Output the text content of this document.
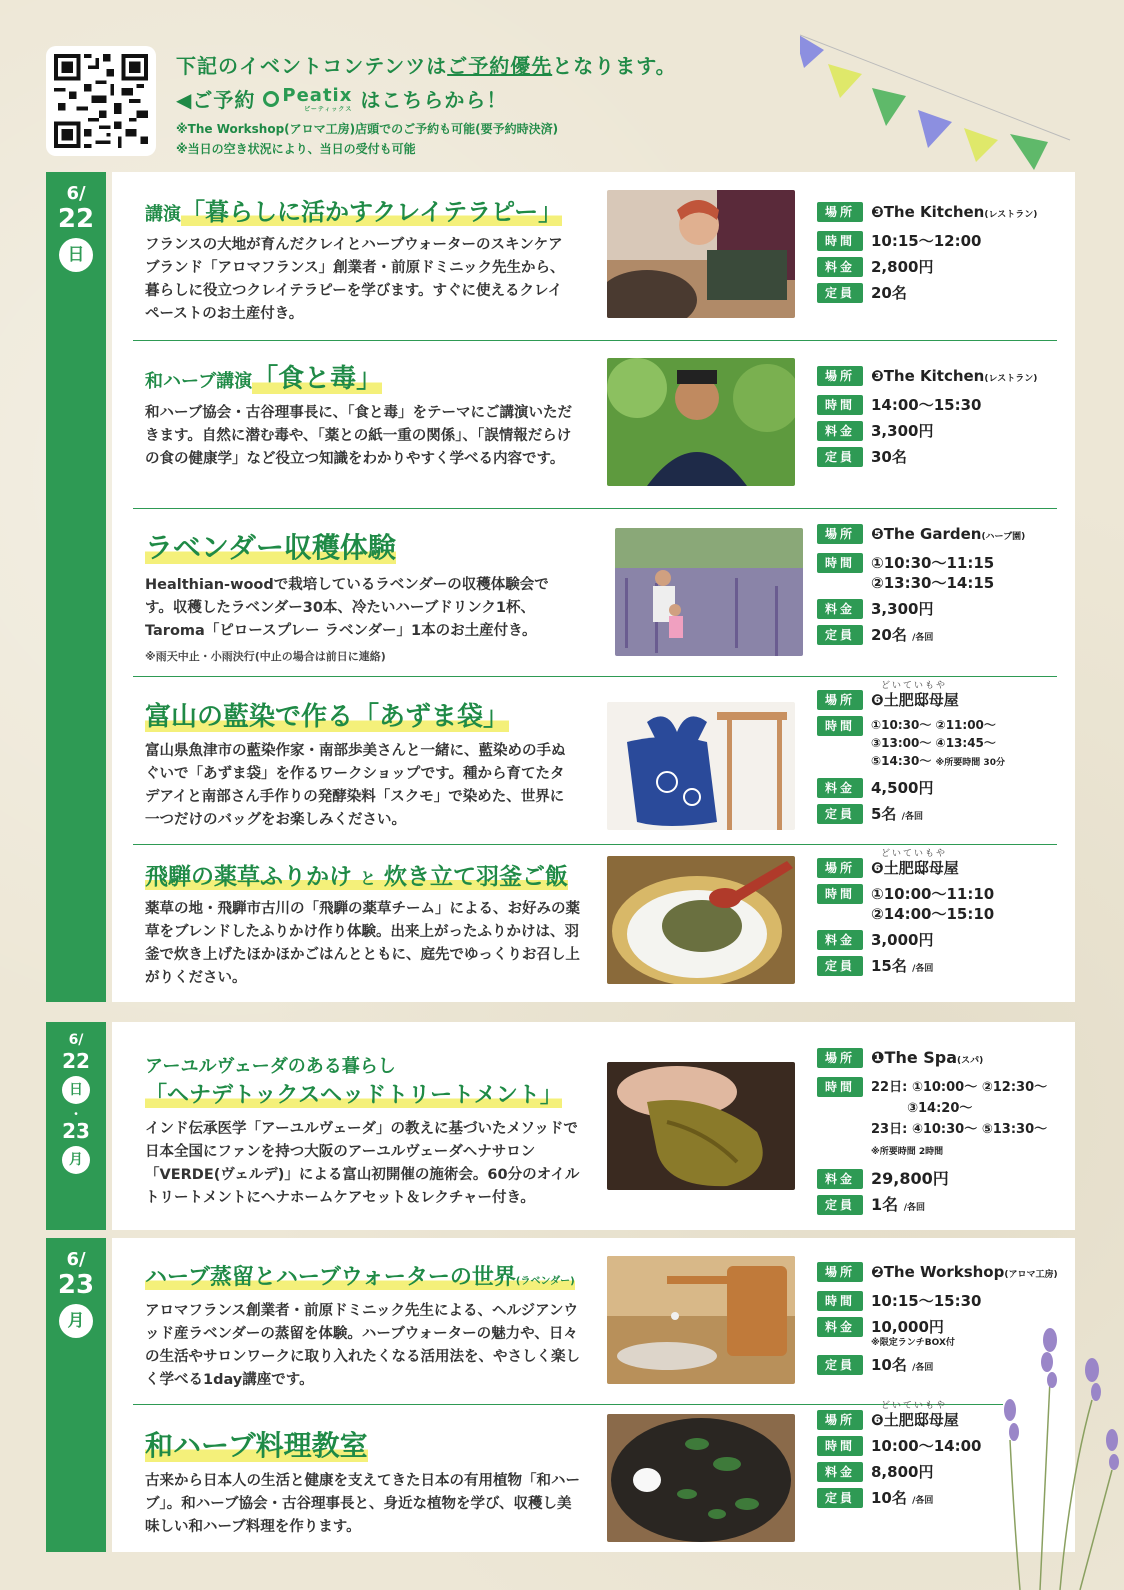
下記のイベントコンテンツはご予約優先となります。
◀ご予約 Peatix
ピーティックス はこちらから！
※The Workshop(アロマ工房)店頭でのご予約も可能(要予約時決済)
※当日の空き状況により、当日の受付も可能
6/
22
日
講演「暮らしに活かすクレイテラピー」
フランスの大地が育んだクレイとハーブウォーターのスキンケアブランド「アロマフランス」創業者・前原ドミニック先生から、暮らしに役立つクレイテラピーを学びます。すぐに使えるクレイペーストのお土産付き。
場所	❸The Kitchen(レストラン)
時間	10:15〜12:00
料金	2,800円
定員	20名
和ハーブ講演「食と毒」
和ハーブ協会・古谷理事長に、「食と毒」をテーマにご講演いただきます。自然に潜む毒や、「薬との紙一重の関係」、「誤情報だらけの食の健康学」など役立つ知識をわかりやすく学べる内容です。
場所	❸The Kitchen(レストラン)
時間	14:00〜15:30
料金	3,300円
定員	30名
ラベンダー収穫体験
Healthian-woodで栽培しているラベンダーの収穫体験会です。収穫したラベンダー30本、冷たいハーブドリンク1杯、Taroma「ピロースプレー ラベンダー」1本のお土産付き。
※雨天中止・小雨決行(中止の場合は前日に連絡)
場所	❺The Garden(ハーブ園)
時間	①10:30〜11:15
②13:30〜14:15
料金	3,300円
定員	20名 /各回
富山の藍染で作る「あずま袋」
富山県魚津市の藍染作家・南部歩美さんと一緒に、藍染めの手ぬぐいで「あずま袋」を作るワークショップです。種から育てたタデアイと南部さん手作りの発酵染料「スクモ」で染めた、世界に一つだけのバッグをお楽しみください。
どいていもや
場所	❻土肥邸母屋
時間	①10:30〜 ②11:00〜
③13:00〜 ④13:45〜
⑤14:30〜 ※所要時間 30分
料金	4,500円
定員	5名 /各回
飛騨の薬草ふりかけ と 炊き立て羽釜ご飯
薬草の地・飛騨市古川の「飛騨の薬草チーム」による、お好みの薬草をブレンドしたふりかけ作り体験。出来上がったふりかけは、羽釜で炊き上げたほかほかごはんとともに、庭先でゆっくりお召し上がりください。
どいていもや
場所	❻土肥邸母屋
時間	①10:00〜11:10
②14:00〜15:10
料金	3,000円
定員	15名 /各回
6/
22
日
・
23
月
アーユルヴェーダのある暮らし
「ヘナデトックスヘッドトリートメント」
インド伝承医学「アーユルヴェーダ」の教えに基づいたメソッドで日本全国にファンを持つ大阪のアーユルヴェーダヘナサロン「VERDE(ヴェルデ)」による富山初開催の施術会。60分のオイルトリートメントにヘナホームケアセット＆レクチャー付き。
場所	❶The Spa(スパ)
時間	22日: ①10:00〜 ②12:30〜
③14:20〜
23日: ④10:30〜 ⑤13:30〜
※所要時間 2時間
料金	29,800円
定員	1名 /各回
6/
23
月
ハーブ蒸留とハーブウォーターの世界(ラベンダー)
アロマフランス創業者・前原ドミニック先生による、ヘルジアンウッド産ラベンダーの蒸留を体験。ハーブウォーターの魅力や、日々の生活やサロンワークに取り入れたくなる活用法を、やさしく楽しく学べる1day講座です。
場所	❷The Workshop(アロマ工房)
時間	10:15〜15:30
料金	10,000円

※限定ランチBOX付
定員	10名 /各回
和ハーブ料理教室
古来から日本人の生活と健康を支えてきた日本の有用植物「和ハーブ」。和ハーブ協会・古谷理事長と、身近な植物を学び、収穫し美味しい和ハーブ料理を作ります。
どいていもや
場所	❻土肥邸母屋
時間	10:00〜14:00
料金	8,800円
定員	10名 /各回
